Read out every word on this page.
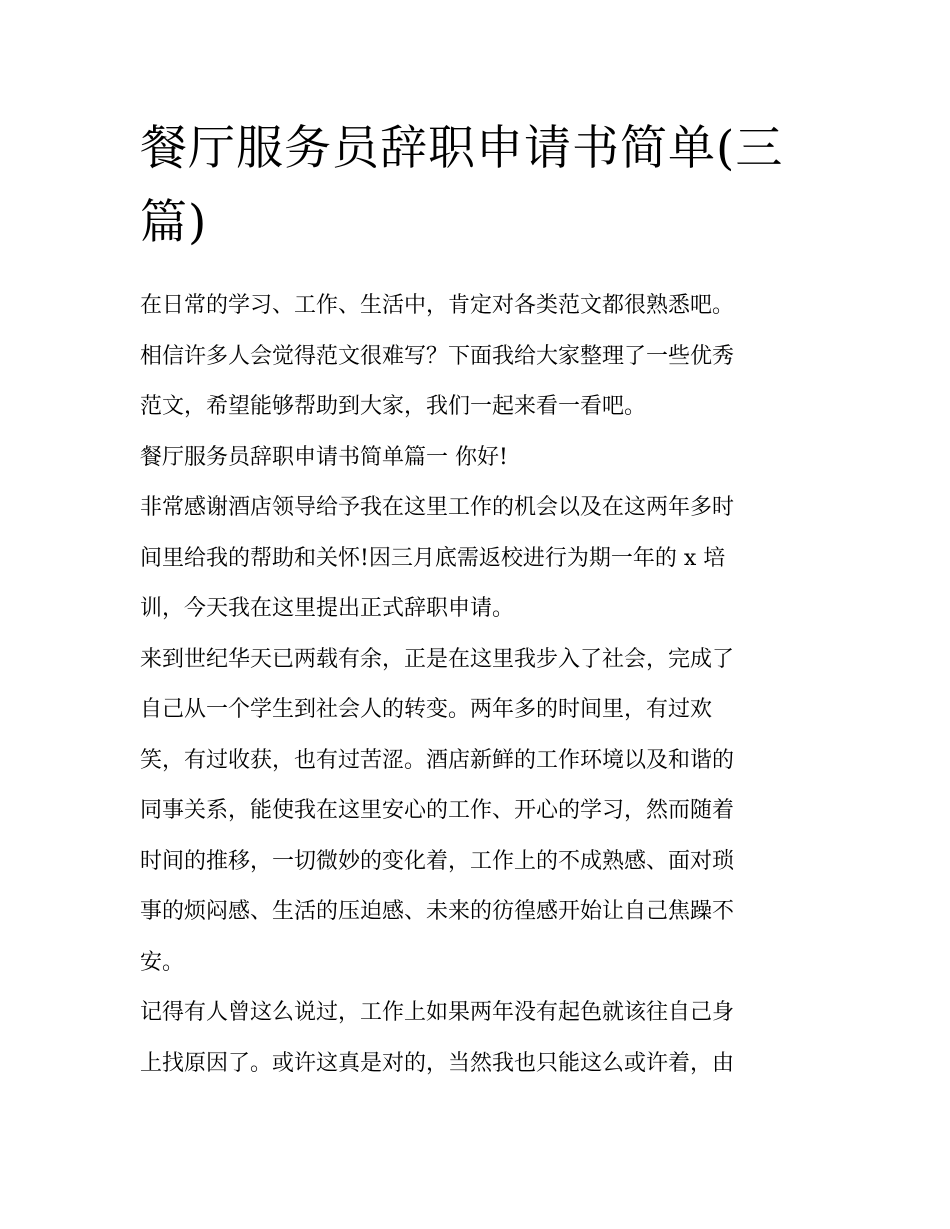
餐厅服务员辞职申请书简单(三
篇)
在日常的学习、工作、生活中，肯定对各类范文都很熟悉吧。
相信许多人会觉得范文很难写？下面我给大家整理了一些优秀
范文，希望能够帮助到大家，我们一起来看一看吧。
餐厅服务员辞职申请书简单篇一 你好!
非常感谢酒店领导给予我在这里工作的机会以及在这两年多时
间里给我的帮助和关怀!因三月底需返校进行为期一年的 x 培
训，今天我在这里提出正式辞职申请。
来到世纪华天已两载有余，正是在这里我步入了社会，完成了
自己从一个学生到社会人的转变。两年多的时间里，有过欢
笑，有过收获，也有过苦涩。酒店新鲜的工作环境以及和谐的
同事关系，能使我在这里安心的工作、开心的学习，然而随着
时间的推移，一切微妙的变化着，工作上的不成熟感、面对琐
事的烦闷感、生活的压迫感、未来的彷徨感开始让自己焦躁不
安。
记得有人曾这么说过，工作上如果两年没有起色就该往自己身
上找原因了。或许这真是对的，当然我也只能这么或许着，由
